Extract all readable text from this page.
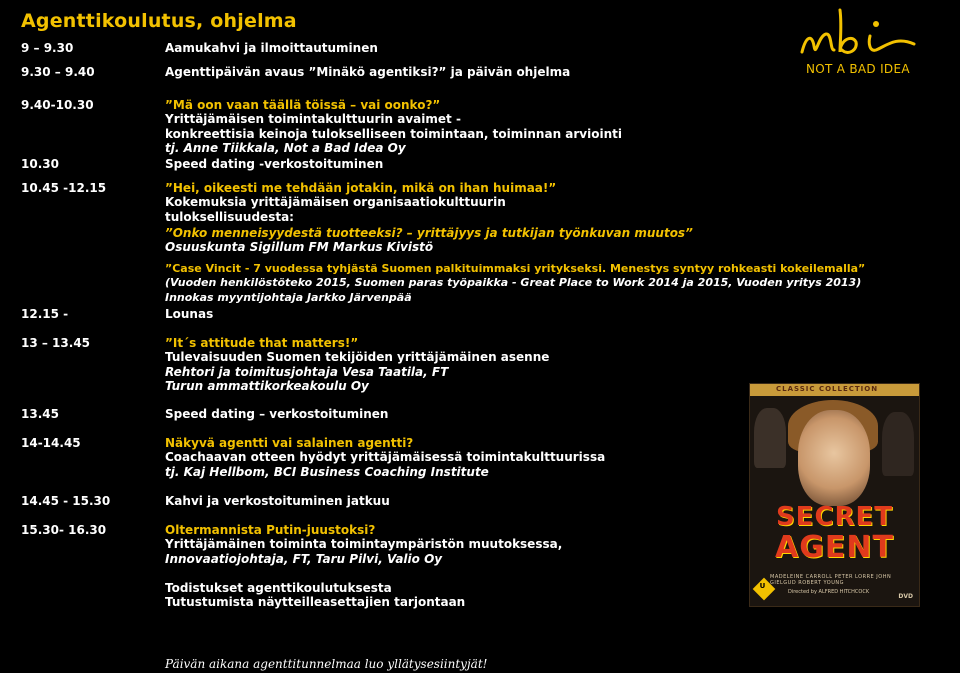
Agenttikoulutus, ohjelma
NOT A BAD IDEA
9 – 9.30	Aamukahvi ja ilmoittautuminen
9.30 – 9.40	Agenttipäivän avaus ”Minäkö agentiksi?” ja päivän ohjelma
9.40-10.30	”Mä oon vaan täällä töissä – vai oonko?”
Yrittäjämäisen toimintakulttuurin avaimet -
konkreettisia keinoja tulokselliseen toimintaan, toiminnan arviointi
tj. Anne Tiikkala, Not a Bad Idea Oy
10.30	Speed dating -verkostoituminen
10.45 -12.15	”Hei, oikeesti me tehdään jotakin, mikä on ihan huimaa!”
Kokemuksia yrittäjämäisen organisaatiokulttuurin
tuloksellisuudesta:
”Onko menneisyydestä tuotteeksi? – yrittäjyys ja tutkijan työnkuvan muutos”
Osuuskunta Sigillum FM Markus Kivistö
”Case Vincit - 7 vuodessa tyhjästä Suomen palkituimmaksi yritykseksi. Menestys syntyy rohkeasti kokeilemalla”
(Vuoden henkilöstöteko 2015, Suomen paras työpaikka - Great Place to Work 2014 ja 2015, Vuoden yritys 2013)
Innokas myyntijohtaja Jarkko Järvenpää
12.15 -	Lounas
13 – 13.45	”It´s attitude that matters!”
Tulevaisuuden Suomen tekijöiden yrittäjämäinen asenne
Rehtori ja toimitusjohtaja Vesa Taatila, FT
Turun ammattikorkeakoulu Oy
13.45	Speed dating – verkostoituminen
14-14.45	Näkyvä agentti vai salainen agentti?
Coachaavan otteen hyödyt yrittäjämäisessä toimintakulttuurissa
tj. Kaj Hellbom, BCI Business Coaching Institute
14.45 - 15.30	Kahvi ja verkostoituminen jatkuu
15.30- 16.30	Oltermannista Putin-juustoksi?
Yrittäjämäinen toiminta toimintaympäristön muutoksessa,
Innovaatiojohtaja, FT, Taru Pilvi, Valio Oy
Todistukset agenttikoulutuksesta
Tutustumista näytteilleasettajien tarjontaan
Päivän aikana agenttitunnelmaa luo yllätysesiintyjät!
CLASSIC COLLECTION
SECRET
AGENT
MADELEINE CARROLL PETER LORRE JOHN GIELGUD ROBERT YOUNG
Directed by ALFRED HITCHCOCK
U
DVD
